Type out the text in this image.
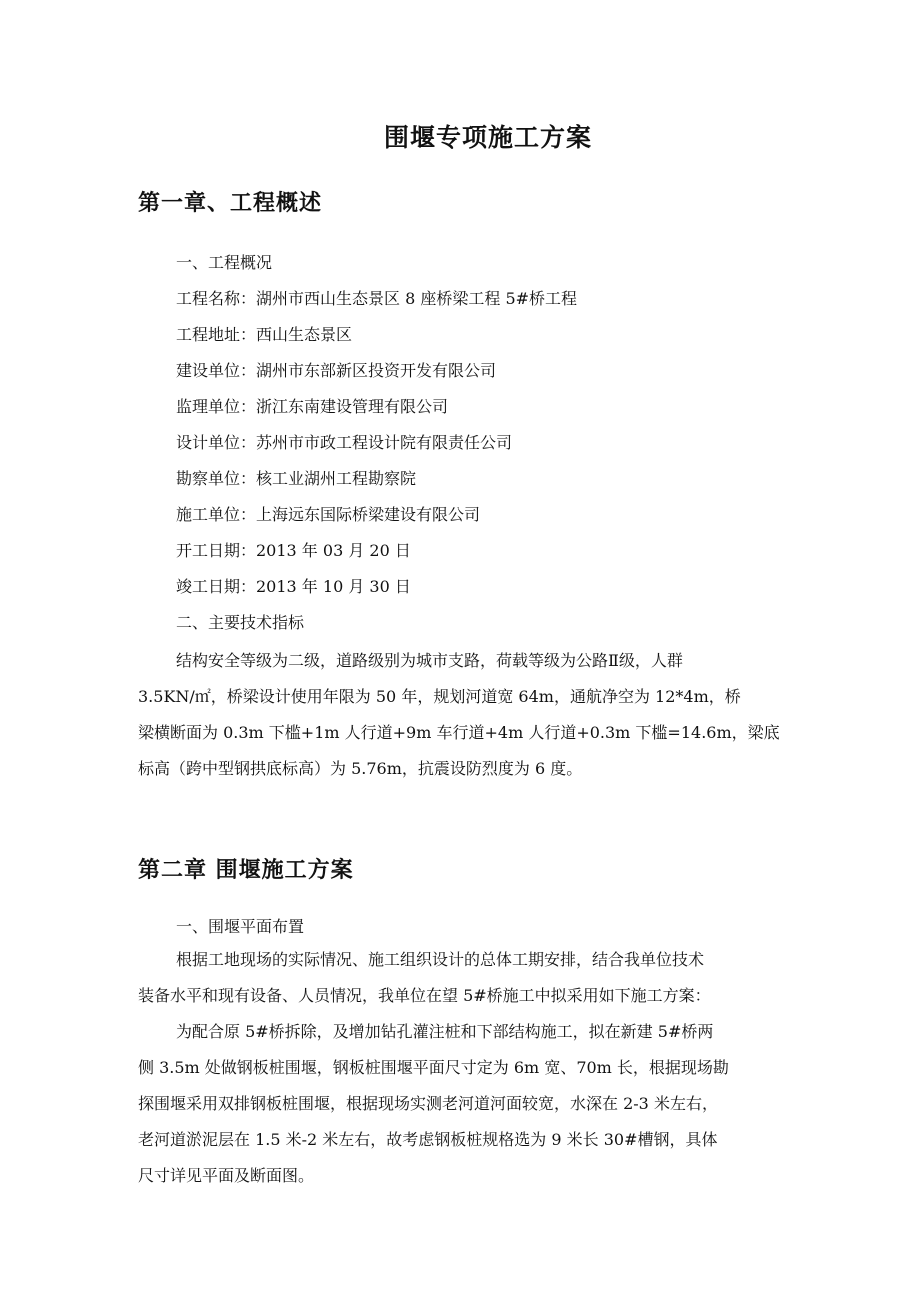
围堰专项施工方案
第一章、工程概述
一、工程概况
工程名称：湖州市西山生态景区 8 座桥梁工程 5#桥工程
工程地址：西山生态景区
建设单位：湖州市东部新区投资开发有限公司
监理单位：浙江东南建设管理有限公司
设计单位：苏州市市政工程设计院有限责任公司
勘察单位：核工业湖州工程勘察院
施工单位：上海远东国际桥梁建设有限公司
开工日期：2013 年 03 月 20 日
竣工日期：2013 年 10 月 30 日
二、主要技术指标
结构安全等级为二级，道路级别为城市支路，荷载等级为公路Ⅱ级，人群
3.5KN/㎡，桥梁设计使用年限为 50 年，规划河道宽 64m，通航净空为 12*4m，桥
梁横断面为 0.3m 下槛+1m 人行道+9m 车行道+4m 人行道+0.3m 下槛=14.6m，梁底
标高（跨中型钢拱底标高）为 5.76m，抗震设防烈度为 6 度。
第二章 围堰施工方案
一、围堰平面布置
根据工地现场的实际情况、施工组织设计的总体工期安排，结合我单位技术
装备水平和现有设备、人员情况，我单位在望 5#桥施工中拟采用如下施工方案：
为配合原 5#桥拆除，及增加钻孔灌注桩和下部结构施工，拟在新建 5#桥两
侧 3.5m 处做钢板桩围堰，钢板桩围堰平面尺寸定为 6m 宽、70m 长，根据现场勘
探围堰采用双排钢板桩围堰，根据现场实测老河道河面较宽，水深在 2-3 米左右，
老河道淤泥层在 1.5 米-2 米左右，故考虑钢板桩规格选为 9 米长 30#槽钢，具体
尺寸详见平面及断面图。
